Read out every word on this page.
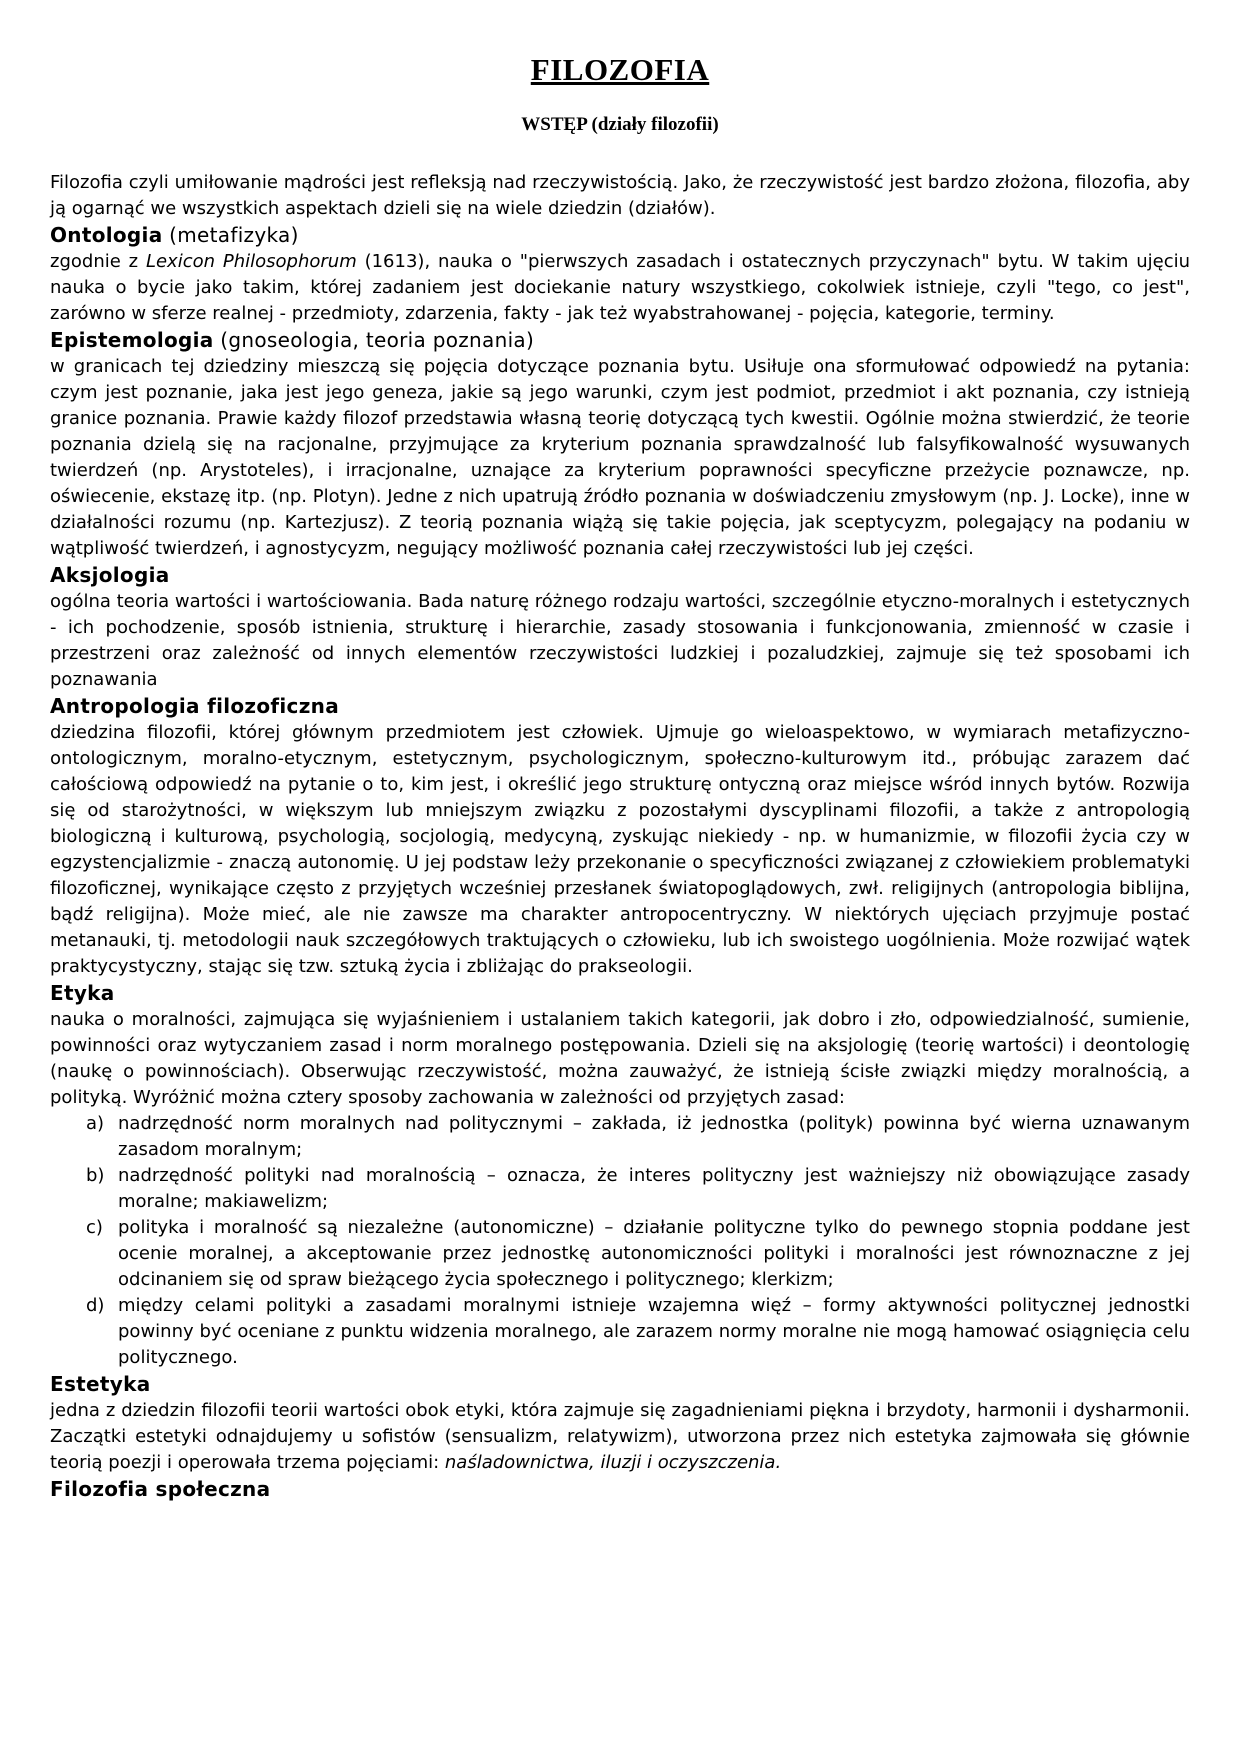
FILOZOFIA
WSTĘP (działy filozofii)

Filozofia czyli umiłowanie mądrości jest refleksją nad rzeczywistością. Jako, że rzeczywistość jest bardzo złożona, filozofia, aby ją ogarnąć we wszystkich aspektach dzieli się na wiele dziedzin (działów).

Ontologia (metafizyka)

zgodnie z Lexicon Philosophorum (1613), nauka o "pierwszych zasadach i ostatecznych przyczynach" bytu. W takim ujęciu nauka o bycie jako takim, której zadaniem jest dociekanie natury wszystkiego, cokolwiek istnieje, czyli "tego, co jest", zarówno w sferze realnej - przedmioty, zdarzenia, fakty - jak też wyabstrahowanej - pojęcia, kategorie, terminy.

Epistemologia (gnoseologia, teoria poznania)

w granicach tej dziedziny mieszczą się pojęcia dotyczące poznania bytu. Usiłuje ona sformułować odpowiedź na pytania: czym jest poznanie, jaka jest jego geneza, jakie są jego warunki, czym jest podmiot, przedmiot i akt poznania, czy istnieją granice poznania. Prawie każdy filozof przedstawia własną teorię dotyczącą tych kwestii. Ogólnie można stwierdzić, że teorie poznania dzielą się na racjonalne, przyjmujące za kryterium poznania sprawdzalność lub falsyfikowalność wysuwanych twierdzeń (np. Arystoteles), i irracjonalne, uznające za kryterium poprawności specyficzne przeżycie poznawcze, np. oświecenie, ekstazę itp. (np. Plotyn). Jedne z nich upatrują źródło poznania w doświadczeniu zmysłowym (np. J. Locke), inne w działalności rozumu (np. Kartezjusz). Z teorią poznania wiążą się takie pojęcia, jak sceptycyzm, polegający na podaniu w wątpliwość twierdzeń, i agnostycyzm, negujący możliwość poznania całej rzeczywistości lub jej części.

Aksjologia

ogólna teoria wartości i wartościowania. Bada naturę różnego rodzaju wartości, szczególnie etyczno-moralnych i estetycznych - ich pochodzenie, sposób istnienia, strukturę i hierarchie, zasady stosowania i funkcjonowania, zmienność w czasie i przestrzeni oraz zależność od innych elementów rzeczywistości ludzkiej i pozaludzkiej, zajmuje się też sposobami ich poznawania

Antropologia filozoficzna

dziedzina filozofii, której głównym przedmiotem jest człowiek. Ujmuje go wieloaspektowo, w wymiarach metafizyczno-ontologicznym, moralno-etycznym, estetycznym, psychologicznym, społeczno-kulturowym itd., próbując zarazem dać całościową odpowiedź na pytanie o to, kim jest, i określić jego strukturę ontyczną oraz miejsce wśród innych bytów. Rozwija się od starożytności, w większym lub mniejszym związku z pozostałymi dyscyplinami filozofii, a także z antropologią biologiczną i kulturową, psychologią, socjologią, medycyną, zyskując niekiedy - np. w humanizmie, w filozofii życia czy w egzystencjalizmie - znaczą autonomię. U jej podstaw leży przekonanie o specyficzności związanej z człowiekiem problematyki filozoficznej, wynikające często z przyjętych wcześniej przesłanek światopoglądowych, zwł. religijnych (antropologia biblijna, bądź religijna). Może mieć, ale nie zawsze ma charakter antropocentryczny. W niektórych ujęciach przyjmuje postać metanauki, tj. metodologii nauk szczegółowych traktujących o człowieku, lub ich swoistego uogólnienia. Może rozwijać wątek praktycystyczny, stając się tzw. sztuką życia i zbliżając do prakseologii.

Etyka

nauka o moralności, zajmująca się wyjaśnieniem i ustalaniem takich kategorii, jak dobro i zło, odpowiedzialność, sumienie, powinności oraz wytyczaniem zasad i norm moralnego postępowania. Dzieli się na aksjologię (teorię wartości) i deontologię (naukę o powinnościach). Obserwując rzeczywistość, można zauważyć, że istnieją ścisłe związki między moralnością, a polityką. Wyróżnić można cztery sposoby zachowania w zależności od przyjętych zasad:

a) nadrzędność norm moralnych nad politycznymi – zakłada, iż jednostka (polityk) powinna być wierna uznawanym zasadom moralnym;
b) nadrzędność polityki nad moralnością – oznacza, że interes polityczny jest ważniejszy niż obowiązujące zasady moralne; makiawelizm;
c) polityka i moralność są niezależne (autonomiczne) – działanie polityczne tylko do pewnego stopnia poddane jest ocenie moralnej, a akceptowanie przez jednostkę autonomiczności polityki i moralności jest równoznaczne z jej odcinaniem się od spraw bieżącego życia społecznego i politycznego; klerkizm;
d) między celami polityki a zasadami moralnymi istnieje wzajemna więź – formy aktywności politycznej jednostki powinny być oceniane z punktu widzenia moralnego, ale zarazem normy moralne nie mogą hamować osiągnięcia celu politycznego.
Estetyka

jedna z dziedzin filozofii teorii wartości obok etyki, która zajmuje się zagadnieniami piękna i brzydoty, harmonii i dysharmonii. Zaczątki estetyki odnajdujemy u sofistów (sensualizm, relatywizm), utworzona przez nich estetyka zajmowała się głównie teorią poezji i operowała trzema pojęciami: naśladownictwa, iluzji i oczyszczenia.

Filozofia społeczna
